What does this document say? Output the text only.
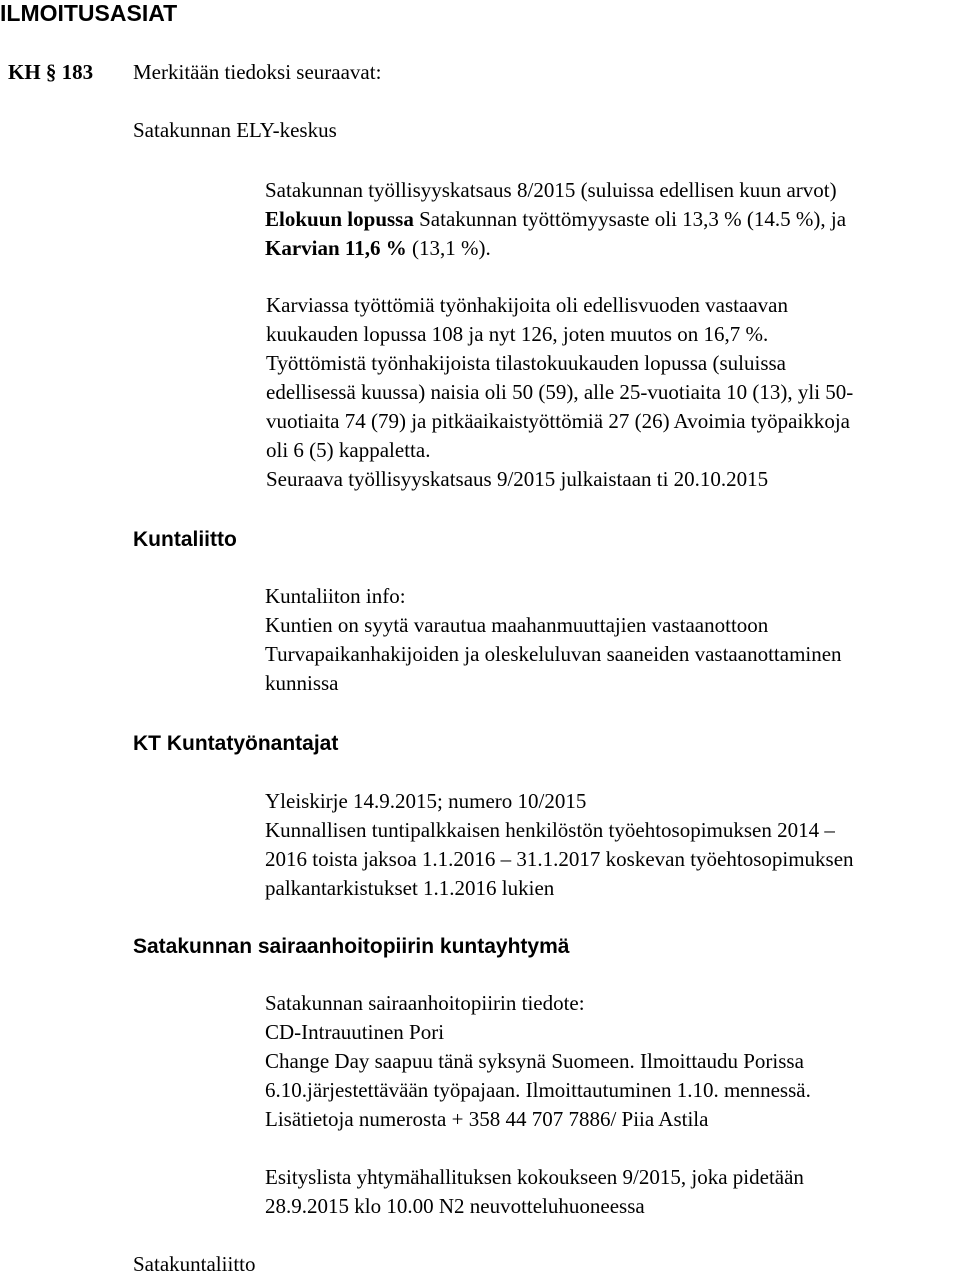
ILMOITUSASIAT
KH § 183 Merkitään tiedoksi seuraavat:
Satakunnan ELY-keskus
Satakunnan työllisyyskatsaus 8/2015 (suluissa edellisen kuun arvot)
Elokuun lopussa Satakunnan työttömyysaste oli 13,3 % (14.5 %), ja
Karvian 11,6 % (13,1 %).
Karviassa työttömiä työnhakijoita oli edellisvuoden vastaavan
kuukauden lopussa 108 ja nyt 126, joten muutos on 16,7 %.
Työttömistä työnhakijoista tilastokuukauden lopussa (suluissa
edellisessä kuussa) naisia oli 50 (59), alle 25-vuotiaita 10 (13), yli 50-
vuotiaita 74 (79) ja pitkäaikaistyöttömiä 27 (26) Avoimia työpaikkoja
oli 6 (5) kappaletta.
Seuraava työllisyyskatsaus 9/2015 julkaistaan ti 20.10.2015
Kuntaliitto
Kuntaliiton info:
Kuntien on syytä varautua maahanmuuttajien vastaanottoon
Turvapaikanhakijoiden ja oleskeluluvan saaneiden vastaanottaminen
kunnissa
KT Kuntatyönantajat
Yleiskirje 14.9.2015; numero 10/2015
Kunnallisen tuntipalkkaisen henkilöstön työehtosopimuksen 2014 –
2016 toista jaksoa 1.1.2016 – 31.1.2017 koskevan työehtosopimuksen
palkantarkistukset 1.1.2016 lukien
Satakunnan sairaanhoitopiirin kuntayhtymä
Satakunnan sairaanhoitopiirin tiedote:
CD-Intrauutinen Pori
Change Day saapuu tänä syksynä Suomeen. Ilmoittaudu Porissa
6.10.järjestettävään työpajaan. Ilmoittautuminen 1.10. mennessä.
Lisätietoja numerosta + 358 44 707 7886/ Piia Astila
Esityslista yhtymähallituksen kokoukseen 9/2015, joka pidetään
28.9.2015 klo 10.00 N2 neuvotteluhuoneessa
Satakuntaliitto
